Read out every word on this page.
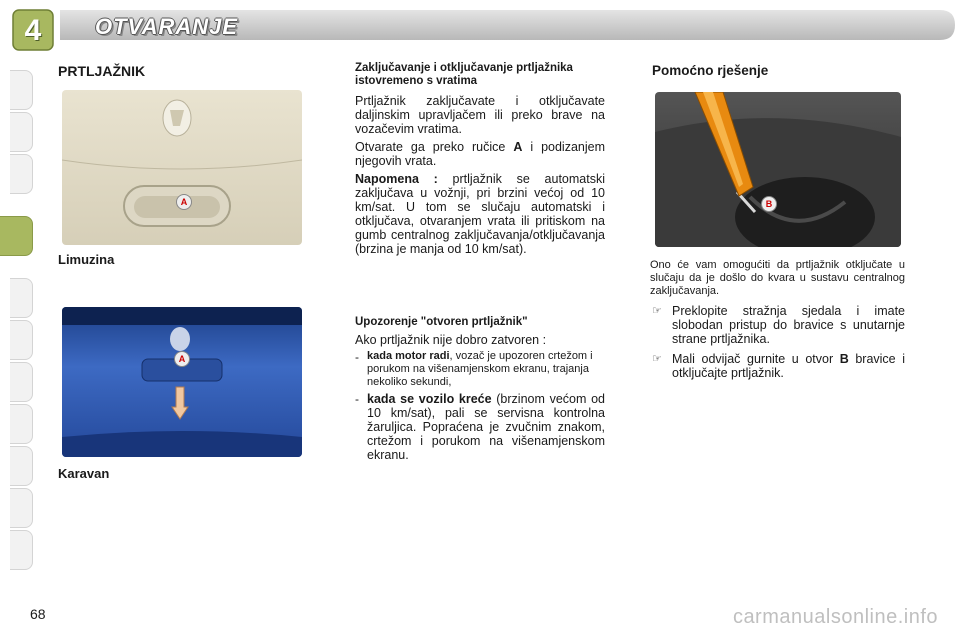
4	OTVARANJE
PRTLJAŽNIK
A
Limuzina
A
Karavan
Zaključavanje i otključavanje prtljažnika istovremeno s vratima

Prtljažnik zaključavate i otključavate daljinskim upravljačem ili preko brave na vozačevim vratima.

Otvarate ga preko ručice A i podizanjem njegovih vrata.

Napomena : prtljažnik se automatski zaključava u vožnji, pri brzini većoj od 10 km/sat. U tom se slučaju automatski i otključava, otvaranjem vrata ili pritiskom na gumb centralnog zaključavanja/otključavanja (brzina je manja od 10 km/sat).

Upozorenje "otvoren prtljažnik"

Ako prtljažnik nije dobro zatvoren :

- kada motor radi, vozač je upozoren crtežom i porukom na višenamjenskom ekranu, trajanja nekoliko sekundi,

- kada se vozilo kreće (brzinom većom od 10 km/sat), pali se servisna kontrolna žaruljica. Popraćena je zvučnim znakom, crtežom i porukom na višenamjenskom ekranu.

Pomoćno rješenje
B

Ono će vam omogućiti da prtljažnik otključate u slučaju da je došlo do kvara u sustavu centralnog zaključavanja.

☞ Preklopite stražnja sjedala i imate slobodan pristup do bravice s unutarnje strane prtljažnika.
☞ Mali odvijač gurnite u otvor B bravice i otključajte prtljažnik.
68	carmanualsonline.info
